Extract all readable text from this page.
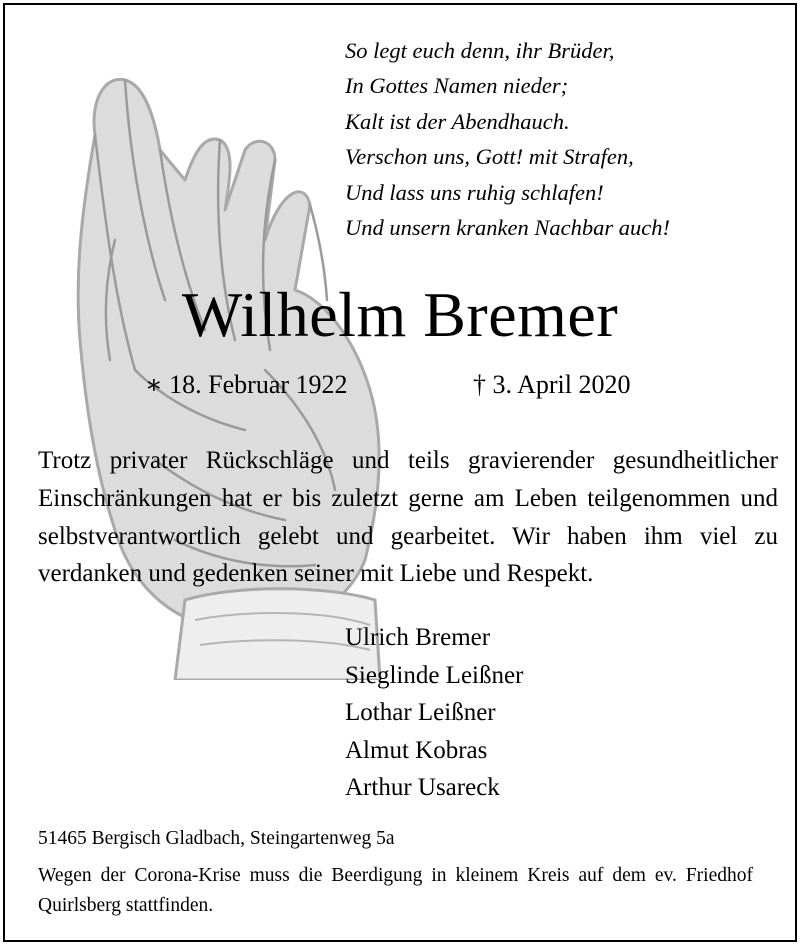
So legt euch denn, ihr Brüder,
In Gottes Namen nieder;
Kalt ist der Abendhauch.
Verschon uns, Gott! mit Strafen,
Und lass uns ruhig schlafen!
Und unsern kranken Nachbar auch!
Wilhelm Bremer
∗ 18. Februar 1922	† 3. April 2020
Trotz privater Rückschläge und teils gravierender gesundheitlicher Einschränkungen hat er bis zuletzt gerne am Leben teilgenommen und selbstverantwortlich gelebt und gearbeitet. Wir haben ihm viel zu verdanken und gedenken seiner mit Liebe und Respekt.
Ulrich Bremer
Sieglinde Leißner
Lothar Leißner
Almut Kobras
Arthur Usareck
51465 Bergisch Gladbach, Steingartenweg 5a
Wegen der Corona-Krise muss die Beerdigung in kleinem Kreis auf dem ev. Friedhof Quirlsberg stattfinden.
